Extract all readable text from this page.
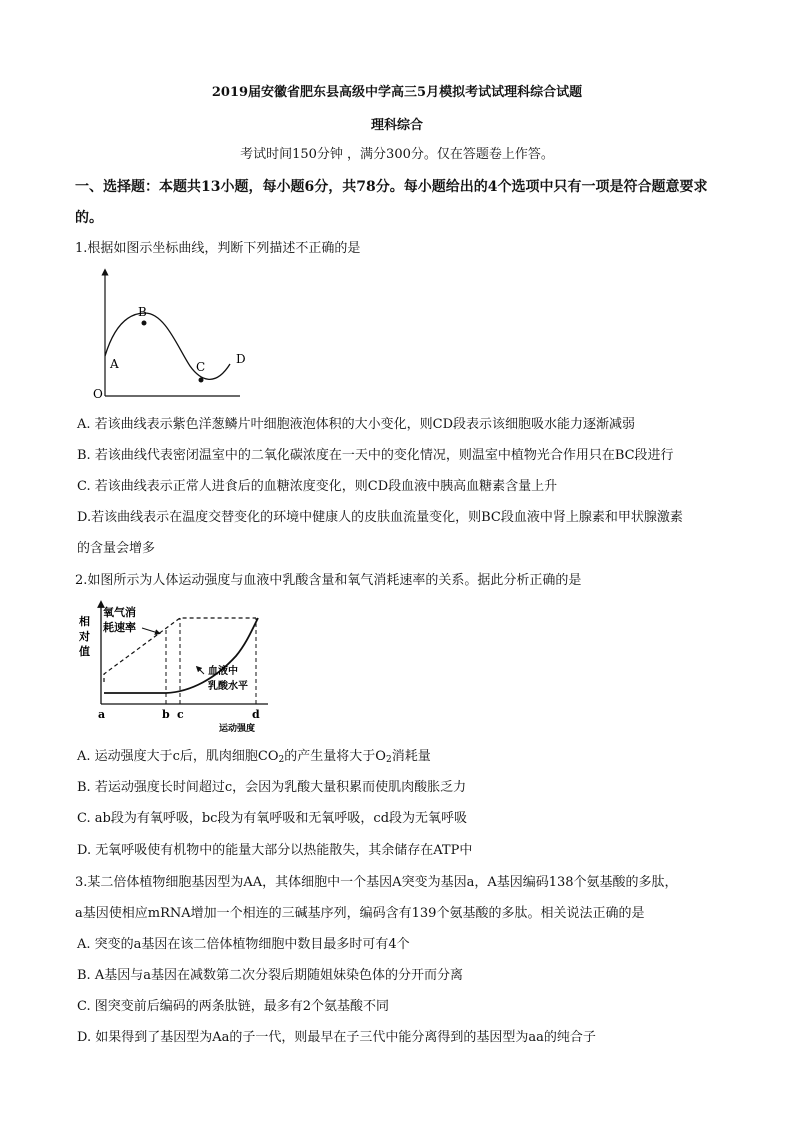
2019届安徽省肥东县高级中学高三5月模拟考试试理科综合试题
理科综合
考试时间150分钟 ，满分300分。仅在答题卷上作答。
一、选择题：本题共13小题，每小题6分，共78分。每小题给出的4个选项中只有一项是符合题意要求
的。
1.根据如图示坐标曲线，判断下列描述不正确的是
O
A
B
C
D
A. 若该曲线表示紫色洋葱鳞片叶细胞液泡体积的大小变化，则CD段表示该细胞吸水能力逐渐减弱
B. 若该曲线代表密闭温室中的二氧化碳浓度在一天中的变化情况，则温室中植物光合作用只在BC段进行
C. 若该曲线表示正常人进食后的血糖浓度变化，则CD段血液中胰高血糖素含量上升
D.若该曲线表示在温度交替变化的环境中健康人的皮肤血流量变化，则BC段血液中肾上腺素和甲状腺激素
的含量会增多
2.如图所示为人体运动强度与血液中乳酸含量和氧气消耗速率的关系。据此分析正确的是
相
对
值
氧气消
耗速率
血液中
乳酸水平
a	b c	d
运动强度
A. 运动强度大于c后，肌肉细胞$CO_2$的产生量将大于$O_2$消耗量
B. 若运动强度长时间超过c，会因为乳酸大量积累而使肌肉酸胀乏力
C. ab段为有氧呼吸，bc段为有氧呼吸和无氧呼吸，cd段为无氧呼吸
D. 无氧呼吸使有机物中的能量大部分以热能散失，其余储存在ATP中
3.某二倍体植物细胞基因型为AA，其体细胞中一个基因A突变为基因a，A基因编码138个氨基酸的多肽，
a基因使相应mRNA增加一个相连的三碱基序列，编码含有139个氨基酸的多肽。相关说法正确的是
A. 突变的a基因在该二倍体植物细胞中数目最多时可有4个
B. A基因与a基因在减数第二次分裂后期随姐妹染色体的分开而分离
C. 图突变前后编码的两条肽链，最多有2个氨基酸不同
D. 如果得到了基因型为Aa的子一代，则最早在子三代中能分离得到的基因型为aa的纯合子
